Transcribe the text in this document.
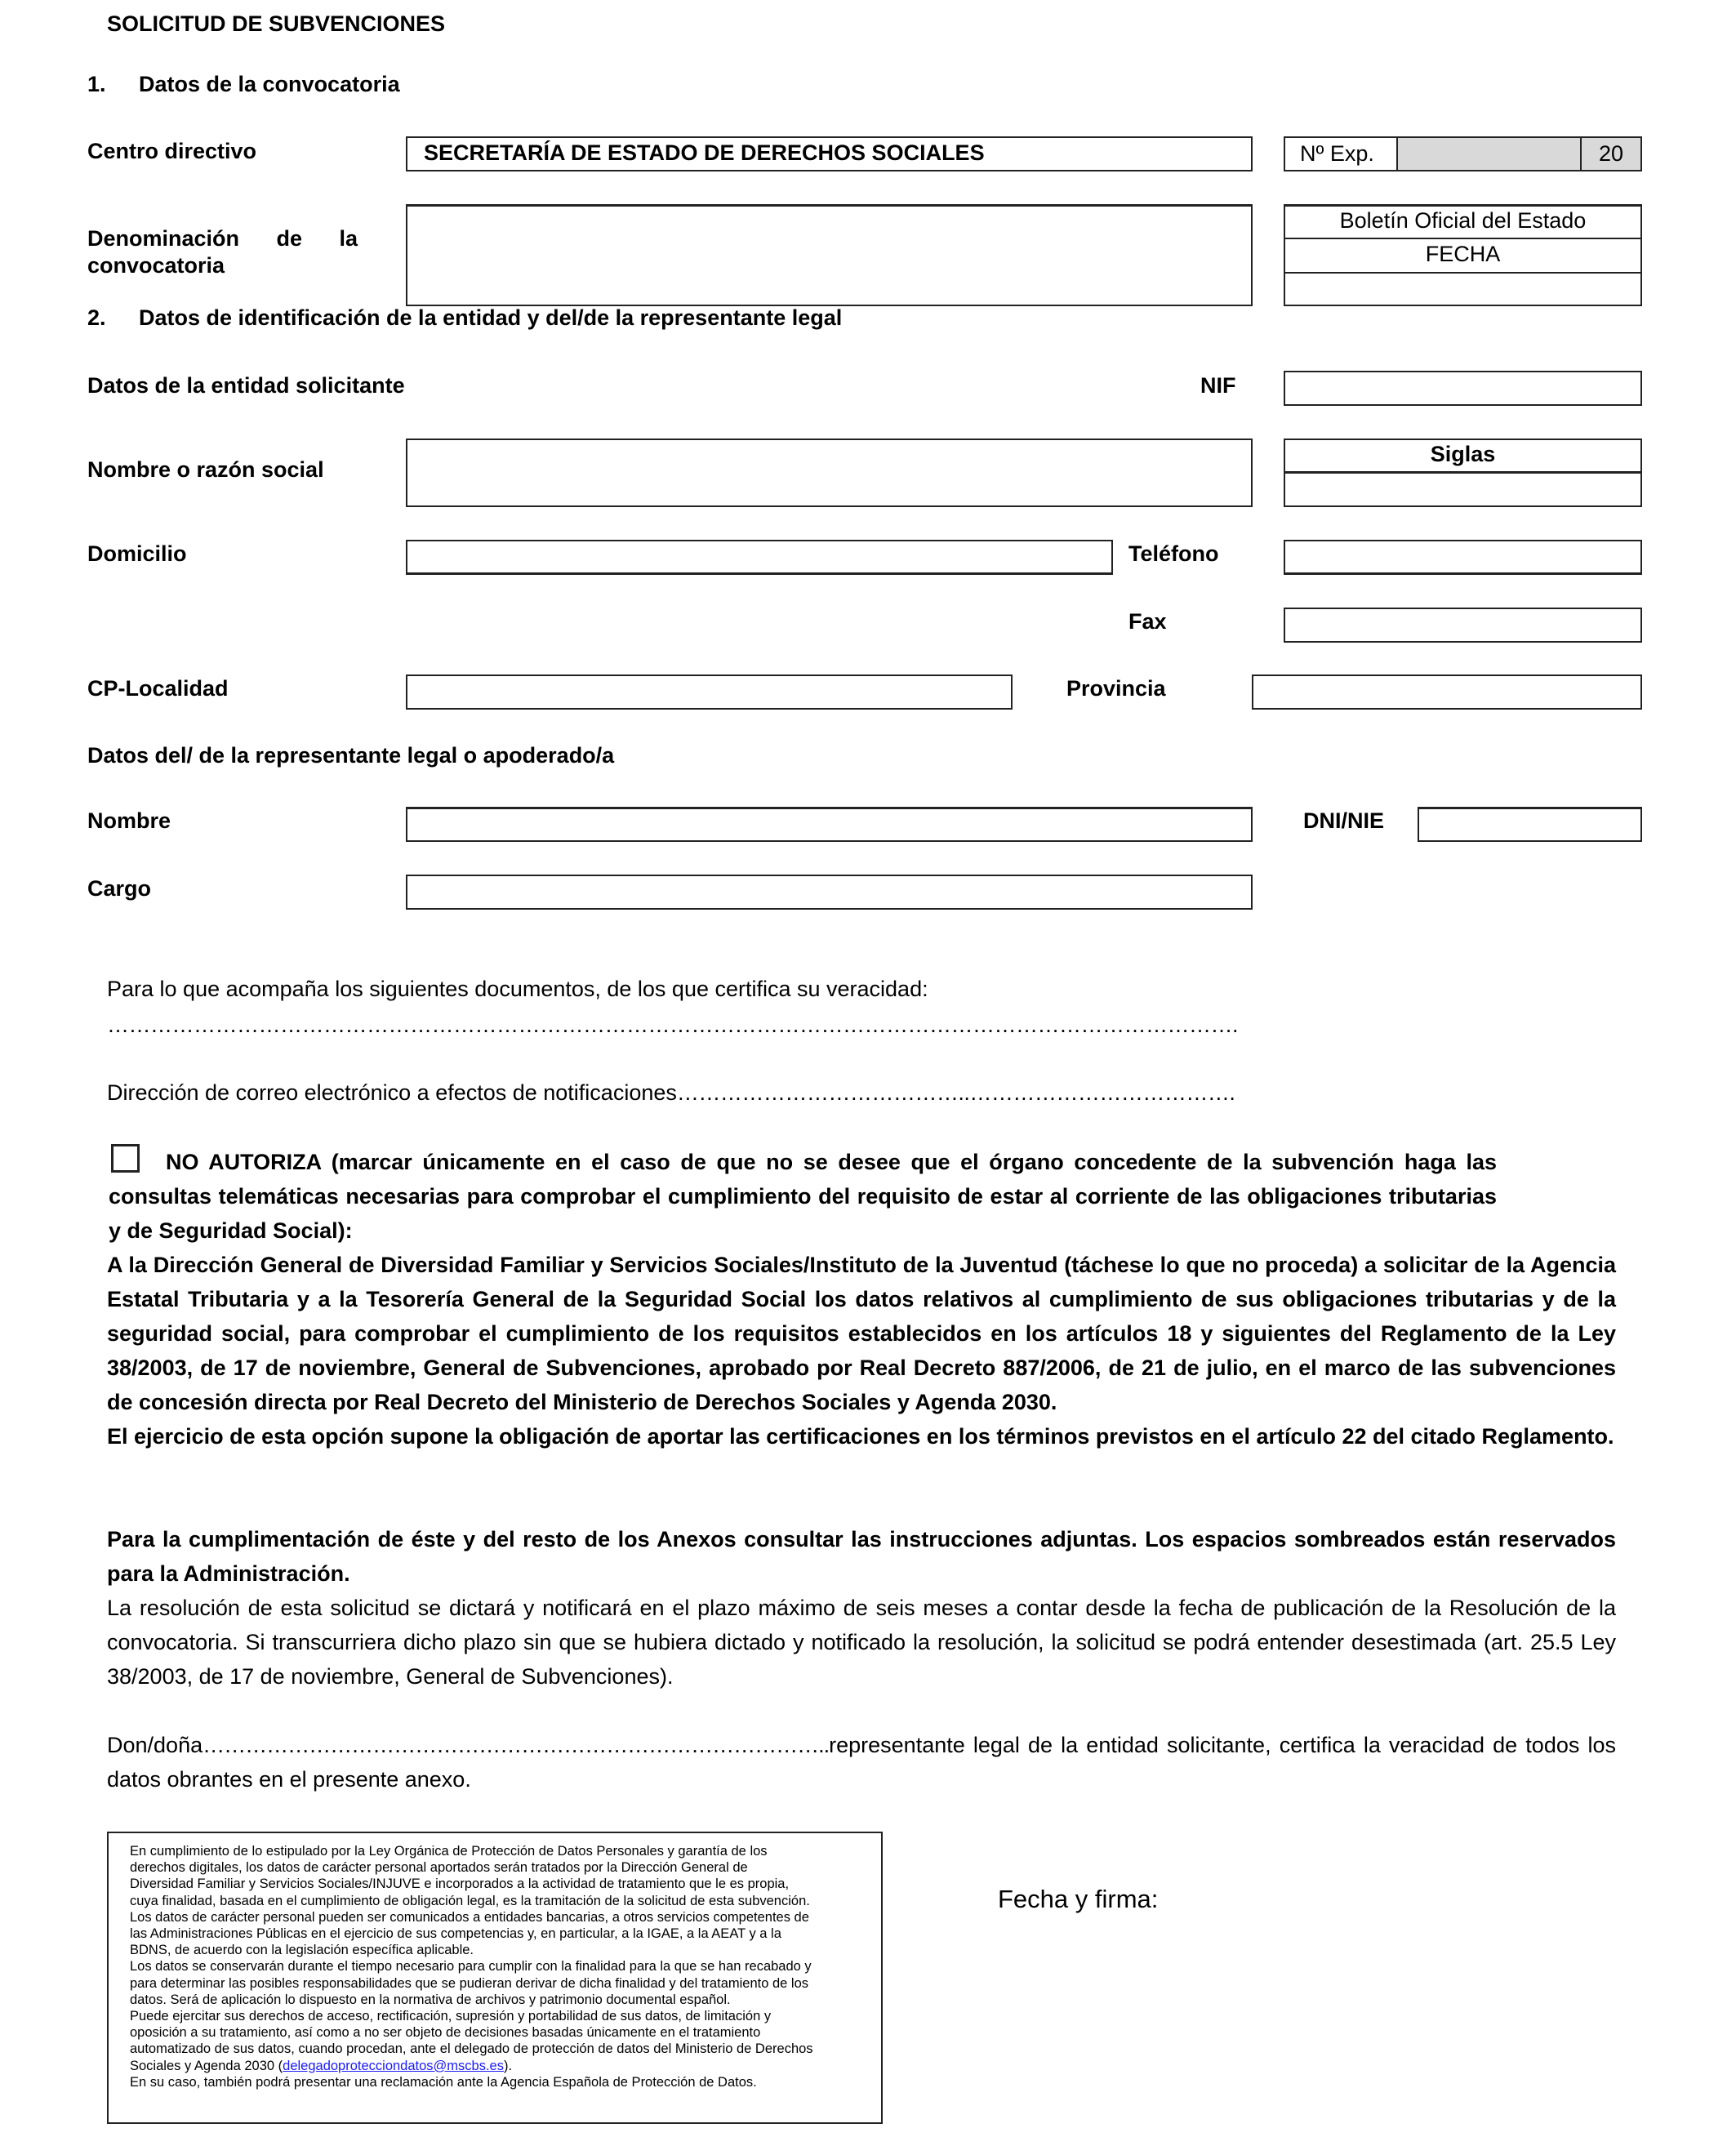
SOLICITUD DE SUBVENCIONES
1. Datos de la convocatoria
Centro directivo	SECRETARÍA DE ESTADO DE DERECHOS SOCIALES	Nº Exp.	20
Denominación de la
convocatoria
Boletín Oficial del Estado
FECHA
2. Datos de identificación de la entidad y del/de la representante legal
Datos de la entidad solicitante	NIF
Nombre o razón social
Siglas
Domicilio	Teléfono
Fax
CP-Localidad	Provincia
Datos del/ de la representante legal o apoderado/a
Nombre	DNI/NIE
Cargo
Para lo que acompaña los siguientes documentos, de los que certifica su veracidad:
………………………………………………………………………………………………………………………………………….
Dirección de correo electrónico a efectos de notificaciones…………………………………..……………………………….
NO AUTORIZA (marcar únicamente en el caso de que no se desee que el órgano concedente de la subvención haga las consultas telemáticas necesarias para comprobar el cumplimiento del requisito de estar al corriente de las obligaciones tributarias y de Seguridad Social):
A la Dirección General de Diversidad Familiar y Servicios Sociales/Instituto de la Juventud (táchese lo que no proceda) a solicitar de la Agencia Estatal Tributaria y a la Tesorería General de la Seguridad Social los datos relativos al cumplimiento de sus obligaciones tributarias y de la seguridad social, para comprobar el cumplimiento de los requisitos establecidos en los artículos 18 y siguientes del Reglamento de la Ley 38/2003, de 17 de noviembre, General de Subvenciones, aprobado por Real Decreto 887/2006, de 21 de julio, en el marco de las subvenciones de concesión directa por Real Decreto del Ministerio de Derechos Sociales y Agenda 2030.
El ejercicio de esta opción supone la obligación de aportar las certificaciones en los términos previstos en el artículo 22 del citado Reglamento.
Para la cumplimentación de éste y del resto de los Anexos consultar las instrucciones adjuntas. Los espacios sombreados están reservados para la Administración.
La resolución de esta solicitud se dictará y notificará en el plazo máximo de seis meses a contar desde la fecha de publicación de la Resolución de la convocatoria. Si transcurriera dicho plazo sin que se hubiera dictado y notificado la resolución, la solicitud se podrá entender desestimada (art. 25.5 Ley 38/2003, de 17 de noviembre, General de Subvenciones).
Don/doña……………………………………………………………………………..representante legal de la entidad solicitante, certifica la veracidad de todos los datos obrantes en el presente anexo.

En cumplimiento de lo estipulado por la Ley Orgánica de Protección de Datos Personales y garantía de los

derechos digitales, los datos de carácter personal aportados serán tratados por la Dirección General de

Diversidad Familiar y Servicios Sociales/INJUVE e incorporados a la actividad de tratamiento que le es propia,

cuya finalidad, basada en el cumplimiento de obligación legal, es la tramitación de la solicitud de esta subvención.

Los datos de carácter personal pueden ser comunicados a entidades bancarias, a otros servicios competentes de

las Administraciones Públicas en el ejercicio de sus competencias y, en particular, a la IGAE, a la AEAT y a la

BDNS, de acuerdo con la legislación específica aplicable.

Los datos se conservarán durante el tiempo necesario para cumplir con la finalidad para la que se han recabado y

para determinar las posibles responsabilidades que se pudieran derivar de dicha finalidad y del tratamiento de los

datos. Será de aplicación lo dispuesto en la normativa de archivos y patrimonio documental español.

Puede ejercitar sus derechos de acceso, rectificación, supresión y portabilidad de sus datos, de limitación y

oposición a su tratamiento, así como a no ser objeto de decisiones basadas únicamente en el tratamiento

automatizado de sus datos, cuando procedan, ante el delegado de protección de datos del Ministerio de Derechos

Sociales y Agenda 2030 (delegadoprotecciondatos@mscbs.es).

En su caso, también podrá presentar una reclamación ante la Agencia Española de Protección de Datos.

Fecha y firma:
